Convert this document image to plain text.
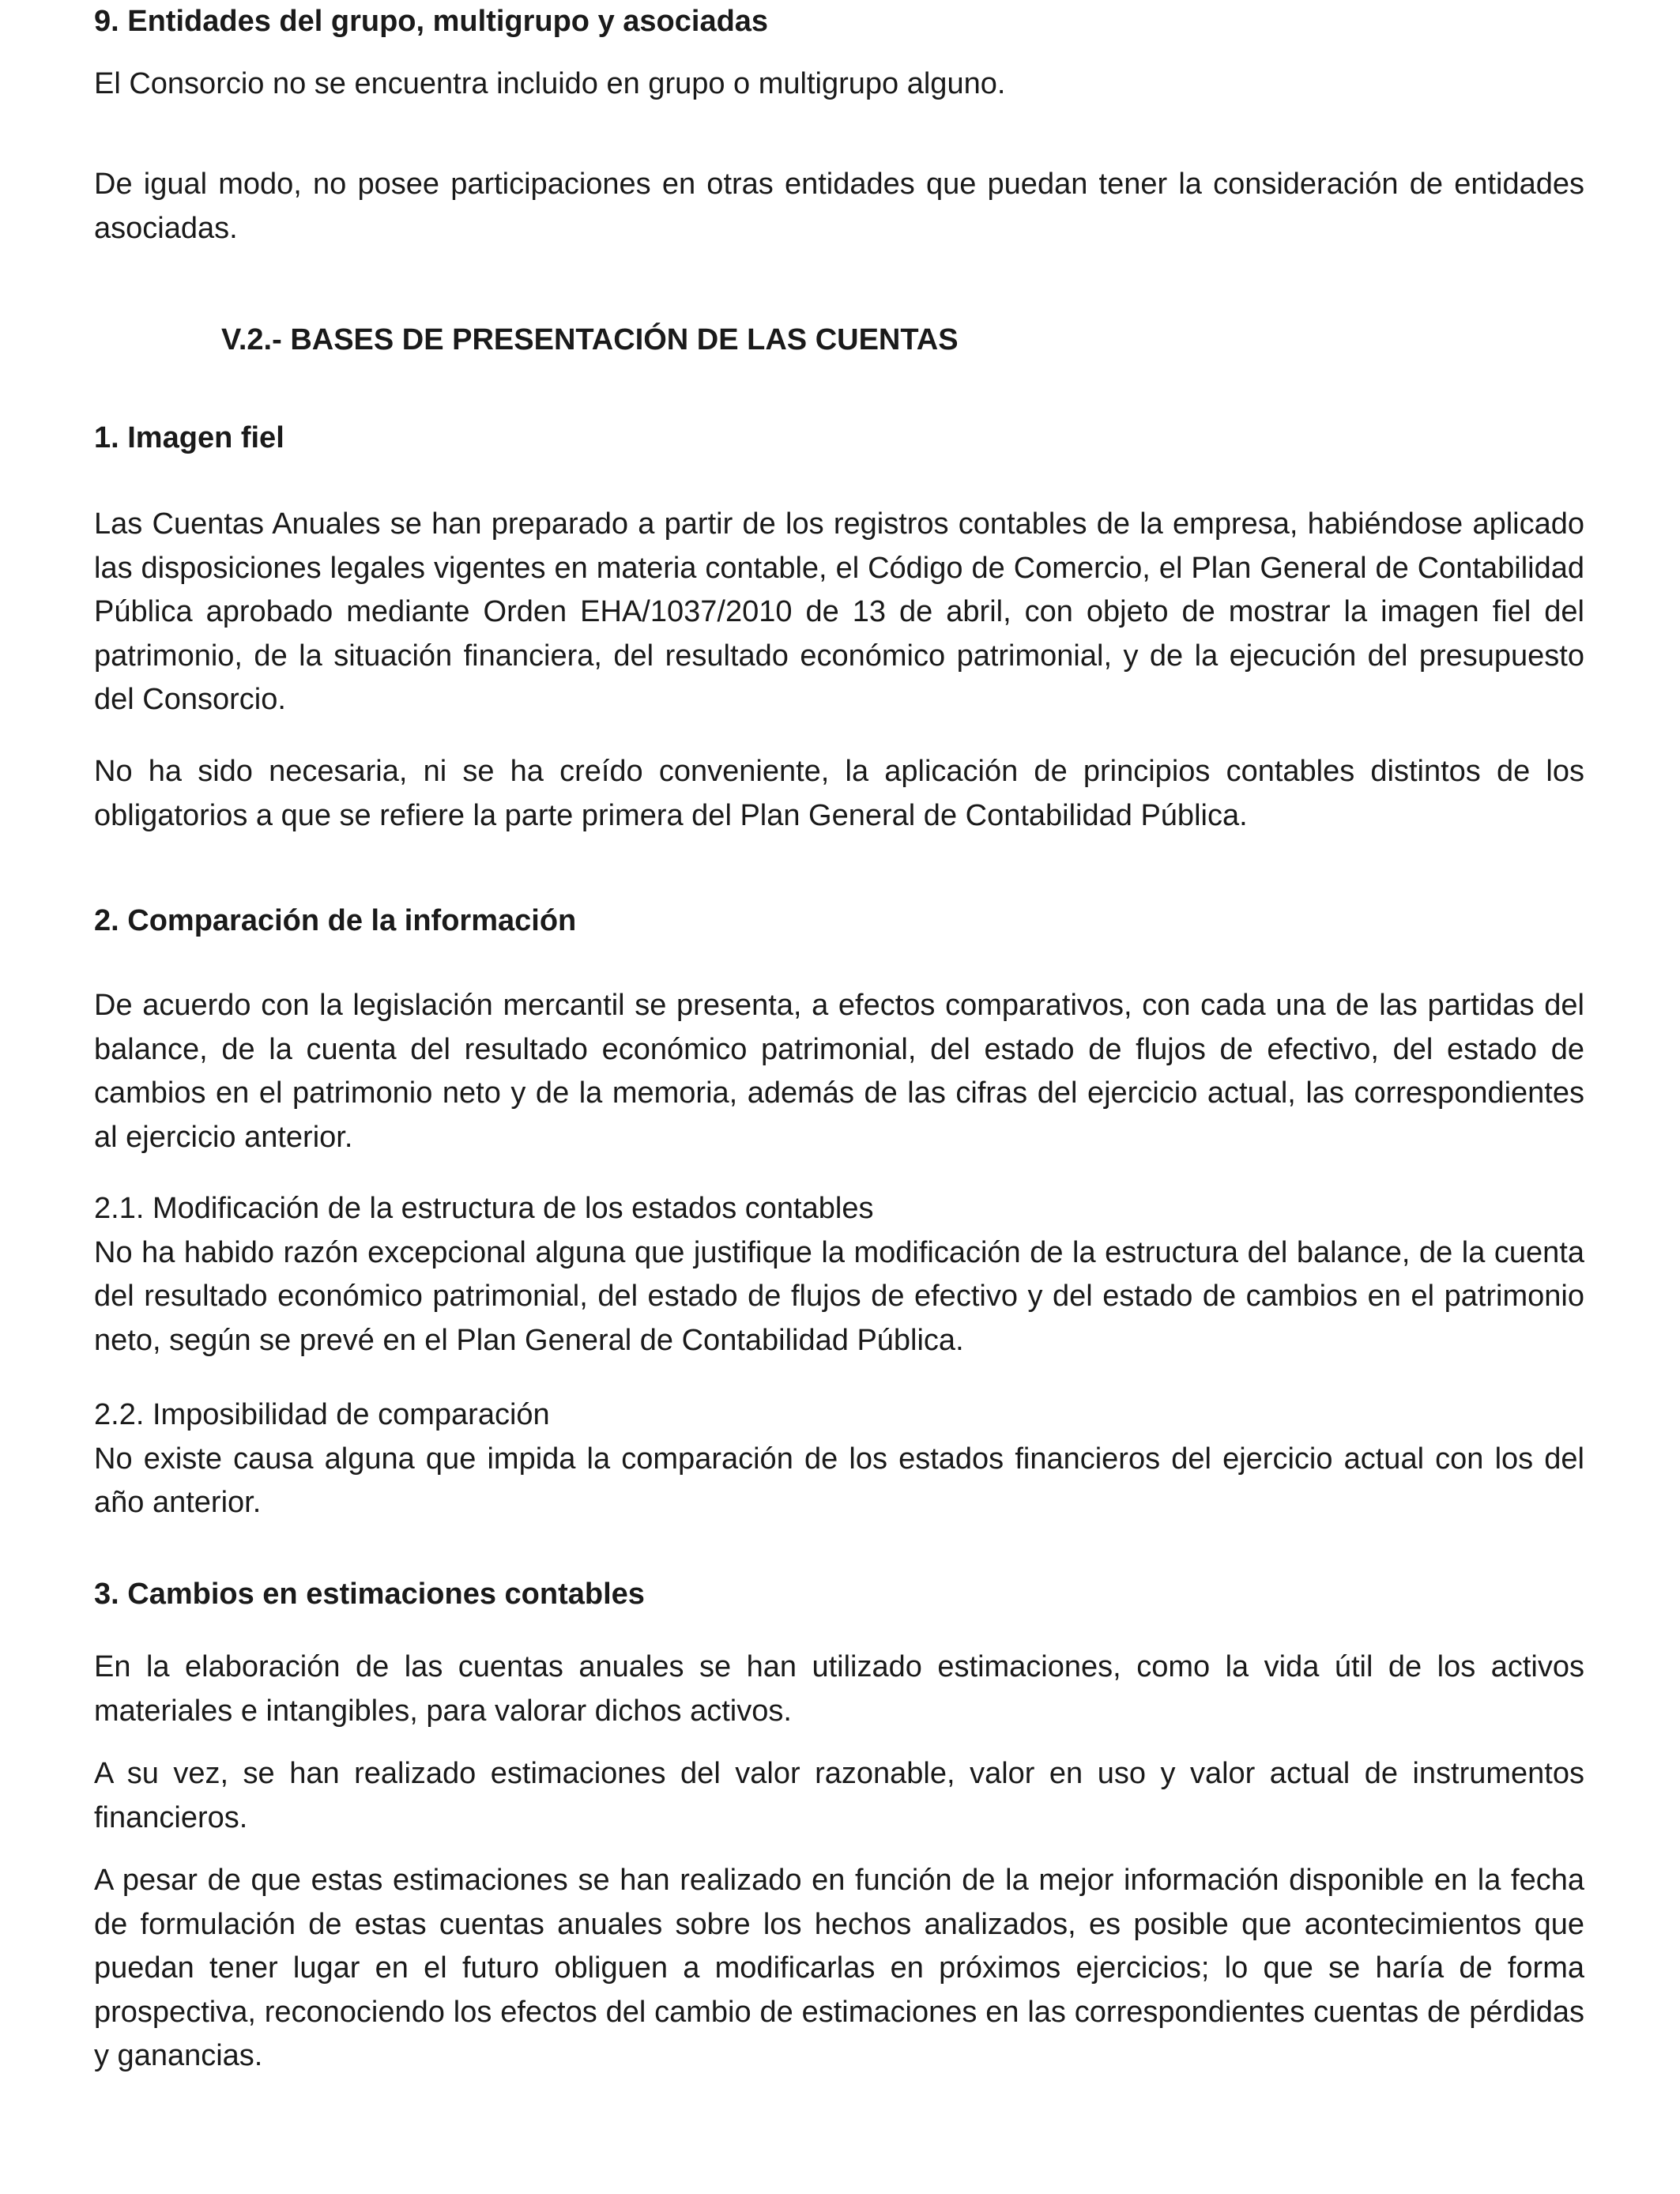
9. Entidades del grupo, multigrupo y asociadas

El Consorcio no se encuentra incluido en grupo o multigrupo alguno.

De igual modo, no posee participaciones en otras entidades que puedan tener la consideración de entidades asociadas.

V.2.- BASES DE PRESENTACIÓN DE LAS CUENTAS

1. Imagen fiel

Las Cuentas Anuales se han preparado a partir de los registros contables de la empresa, habiéndose aplicado las disposiciones legales vigentes en materia contable, el Código de Comercio, el Plan General de Contabilidad Pública aprobado mediante Orden EHA/1037/2010 de 13 de abril, con objeto de mostrar la imagen fiel del patrimonio, de la situación financiera, del resultado económico patrimonial, y de la ejecución del presupuesto del Consorcio.

No ha sido necesaria, ni se ha creído conveniente, la aplicación de principios contables distintos de los obligatorios a que se refiere la parte primera del Plan General de Contabilidad Pública.

2. Comparación de la información

De acuerdo con la legislación mercantil se presenta, a efectos comparativos, con cada una de las partidas del balance, de la cuenta del resultado económico patrimonial, del estado de flujos de efectivo, del estado de cambios en el patrimonio neto y de la memoria, además de las cifras del ejercicio actual, las correspondientes al ejercicio anterior.

2.1. Modificación de la estructura de los estados contables
No ha habido razón excepcional alguna que justifique la modificación de la estructura del balance, de la cuenta del resultado económico patrimonial, del estado de flujos de efectivo y del estado de cambios en el patrimonio neto, según se prevé en el Plan General de Contabilidad Pública.
2.2. Imposibilidad de comparación
No existe causa alguna que impida la comparación de los estados financieros del ejercicio actual con los del año anterior.

3. Cambios en estimaciones contables

En la elaboración de las cuentas anuales se han utilizado estimaciones, como la vida útil de los activos materiales e intangibles, para valorar dichos activos.

A su vez, se han realizado estimaciones del valor razonable, valor en uso y valor actual de instrumentos financieros.

A pesar de que estas estimaciones se han realizado en función de la mejor información disponible en la fecha de formulación de estas cuentas anuales sobre los hechos analizados, es posible que acontecimientos que puedan tener lugar en el futuro obliguen a modificarlas en próximos ejercicios; lo que se haría de forma prospectiva, reconociendo los efectos del cambio de estimaciones en las correspondientes cuentas de pérdidas y ganancias.
